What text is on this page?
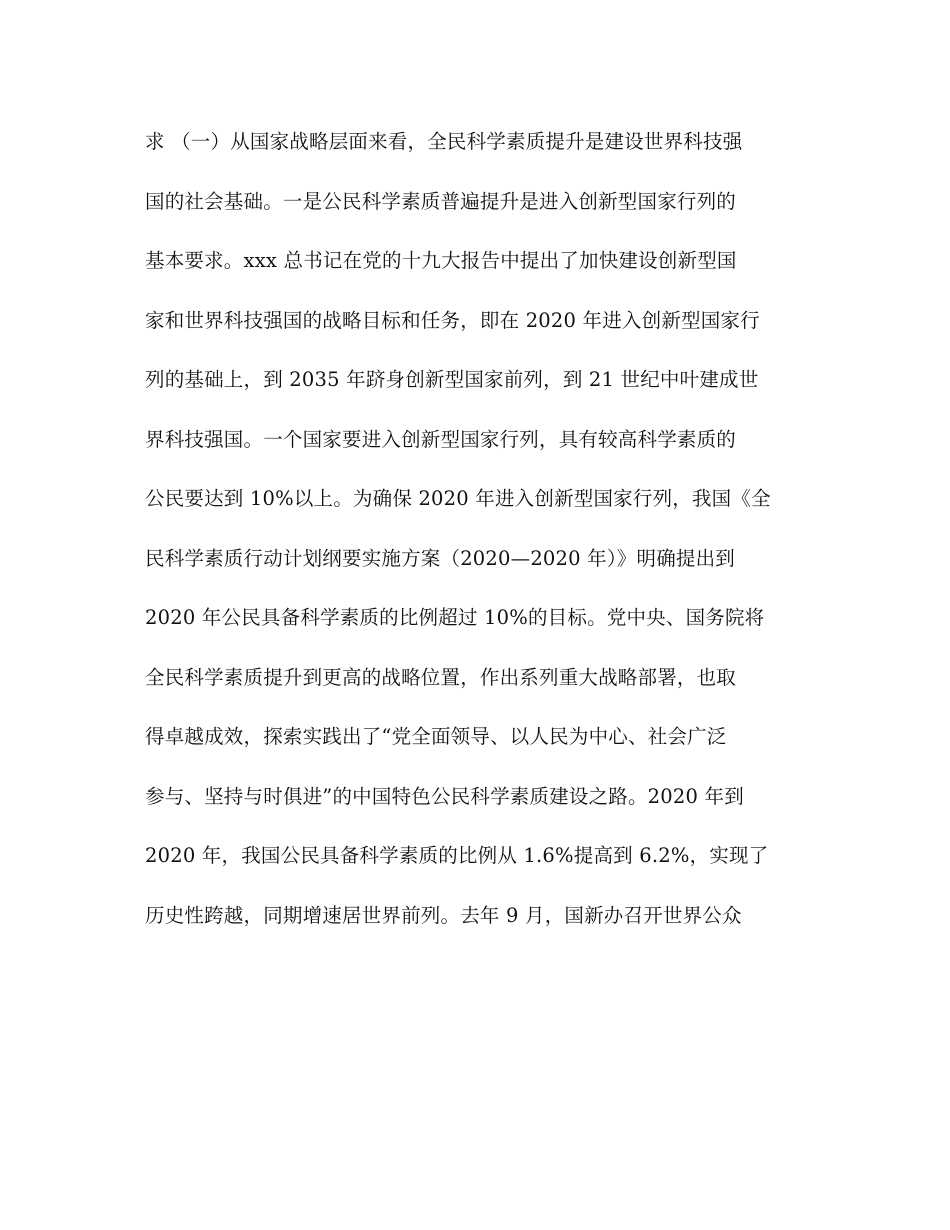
求 （一）从国家战略层面来看，全民科学素质提升是建设世界科技强
国的社会基础。一是公民科学素质普遍提升是进入创新型国家行列的
基本要求。xxx 总书记在党的十九大报告中提出了加快建设创新型国
家和世界科技强国的战略目标和任务，即在 2020 年进入创新型国家行
列的基础上，到 2035 年跻身创新型国家前列，到 21 世纪中叶建成世
界科技强国。一个国家要进入创新型国家行列，具有较高科学素质的
公民要达到 10%以上。为确保 2020 年进入创新型国家行列，我国《全
民科学素质行动计划纲要实施方案（2020—2020 年）》明确提出到
2020 年公民具备科学素质的比例超过 10%的目标。党中央、国务院将
全民科学素质提升到更高的战略位置，作出系列重大战略部署，也取
得卓越成效，探索实践出了“党全面领导、以人民为中心、社会广泛
参与、坚持与时俱进”的中国特色公民科学素质建设之路。2020 年到
2020 年，我国公民具备科学素质的比例从 1.6%提高到 6.2%，实现了
历史性跨越，同期增速居世界前列。去年 9 月，国新办召开世界公众
